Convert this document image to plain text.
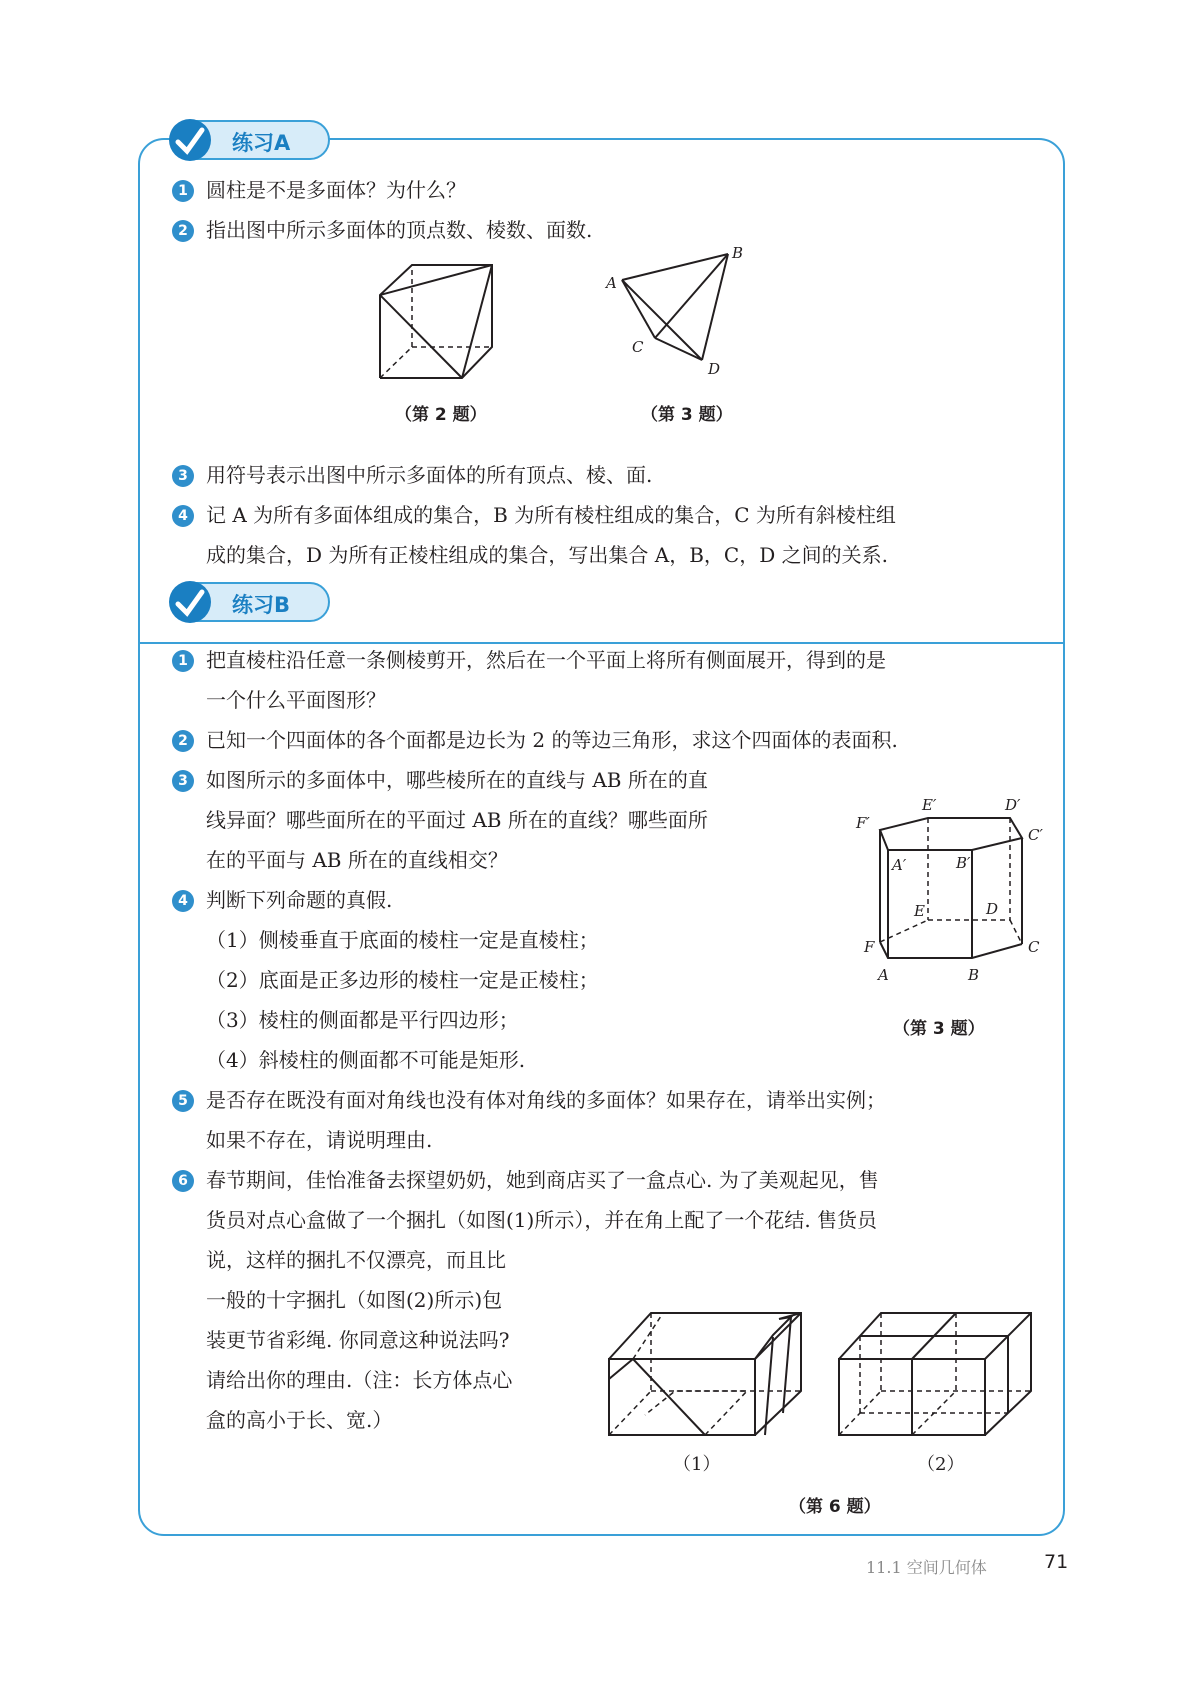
练习A
1 圆柱是不是多面体？为什么？
2 指出图中所示多面体的顶点数、棱数、面数.
（第 2 题）
B
A
C
D
（第 3 题）
3 用符号表示出图中所示多面体的所有顶点、棱、面.
4 记 A 为所有多面体组成的集合，B 为所有棱柱组成的集合，C 为所有斜棱柱组
成的集合，D 为所有正棱柱组成的集合，写出集合 A，B，C，D 之间的关系.
练习B
1 把直棱柱沿任意一条侧棱剪开，然后在一个平面上将所有侧面展开，得到的是
一个什么平面图形？
2 已知一个四面体的各个面都是边长为 2 的等边三角形，求这个四面体的表面积.
3 如图所示的多面体中，哪些棱所在的直线与 AB 所在的直
线异面？哪些面所在的平面过 AB 所在的直线？哪些面所
在的平面与 AB 所在的直线相交？
4 判断下列命题的真假.
（1）侧棱垂直于底面的棱柱一定是直棱柱；
（2）底面是正多边形的棱柱一定是正棱柱；
（3）棱柱的侧面都是平行四边形；
（4）斜棱柱的侧面都不可能是矩形.
E′	D′
F′
C′
A′	B′
E	D
F	C
A	B
（第 3 题）
5 是否存在既没有面对角线也没有体对角线的多面体？如果存在，请举出实例；
如果不存在，请说明理由.
6 春节期间，佳怡准备去探望奶奶，她到商店买了一盒点心. 为了美观起见，售
货员对点心盒做了一个捆扎（如图(1)所示），并在角上配了一个花结. 售货员
说，这样的捆扎不仅漂亮，而且比
一般的十字捆扎（如图(2)所示)包
装更节省彩绳. 你同意这种说法吗?
请给出你的理由.（注：长方体点心
盒的高小于长、宽.）
（1）	（2）
（第 6 题）
11.1 空间几何体	71
